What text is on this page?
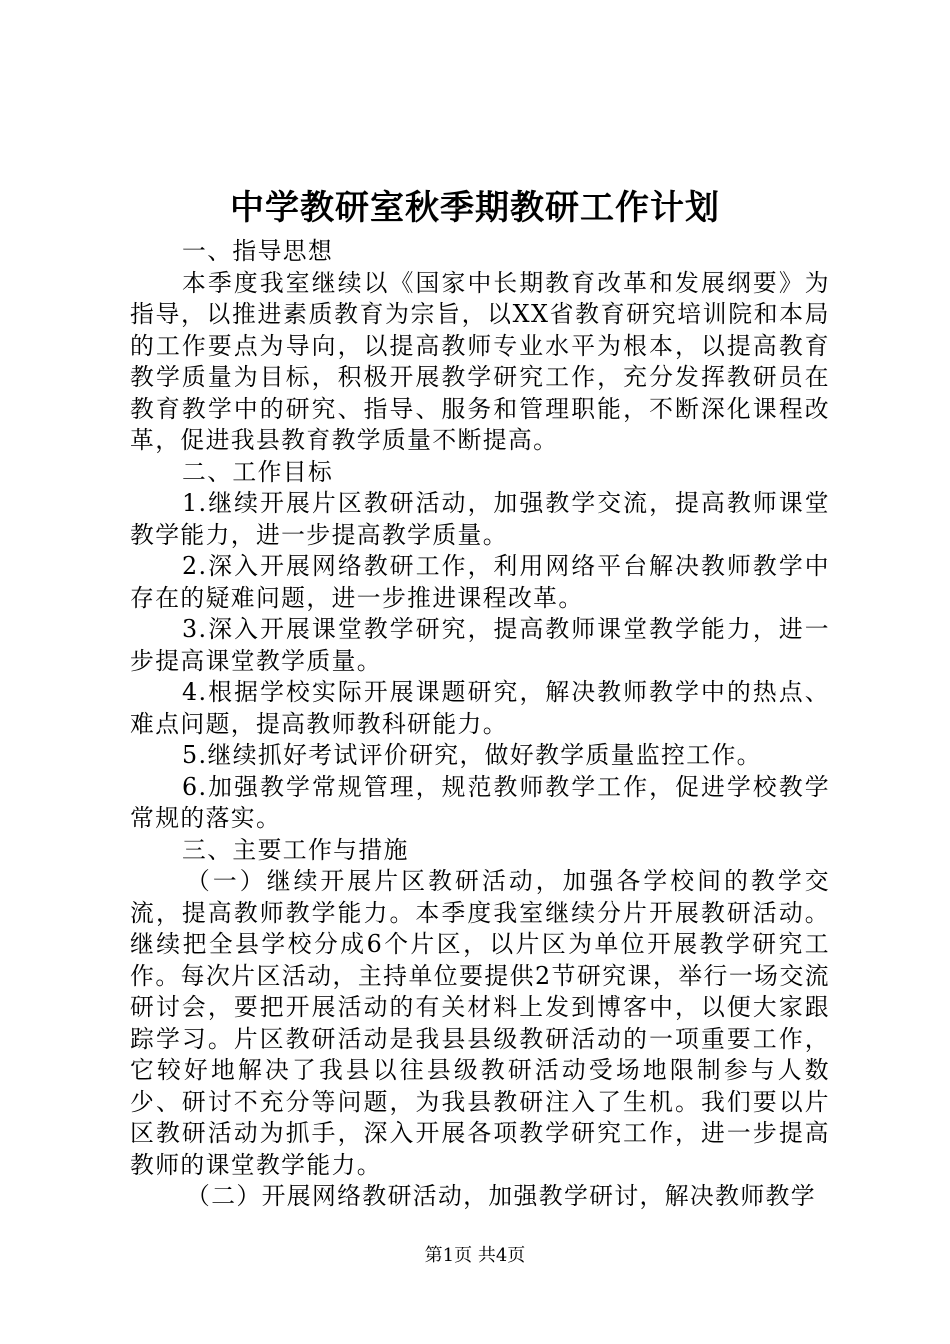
中学教研室秋季期教研工作计划

一、指导思想

本季度我室继续以《国家中长期教育改革和发展纲要》为指导，以推进素质教育为宗旨，以XX省教育研究培训院和本局的工作要点为导向，以提高教师专业水平为根本，以提高教育教学质量为目标，积极开展教学研究工作，充分发挥教研员在教育教学中的研究、指导、服务和管理职能，不断深化课程改革，促进我县教育教学质量不断提高。

二、工作目标

1.继续开展片区教研活动，加强教学交流，提高教师课堂教学能力，进一步提高教学质量。

2.深入开展网络教研工作，利用网络平台解决教师教学中存在的疑难问题，进一步推进课程改革。

3.深入开展课堂教学研究，提高教师课堂教学能力，进一步提高课堂教学质量。

4.根据学校实际开展课题研究，解决教师教学中的热点、难点问题，提高教师教科研能力。

5.继续抓好考试评价研究，做好教学质量监控工作。

6.加强教学常规管理，规范教师教学工作，促进学校教学常规的落实。

三、主要工作与措施

（一）继续开展片区教研活动，加强各学校间的教学交流，提高教师教学能力。本季度我室继续分片开展教研活动。继续把全县学校分成6个片区，以片区为单位开展教学研究工作。每次片区活动，主持单位要提供2节研究课，举行一场交流研讨会，要把开展活动的有关材料上发到博客中，以便大家跟踪学习。片区教研活动是我县县级教研活动的一项重要工作，它较好地解决了我县以往县级教研活动受场地限制参与人数少、研讨不充分等问题，为我县教研注入了生机。我们要以片区教研活动为抓手，深入开展各项教学研究工作，进一步提高教师的课堂教学能力。

（二）开展网络教研活动，加强教学研讨，解决教师教学

第1页 共4页
